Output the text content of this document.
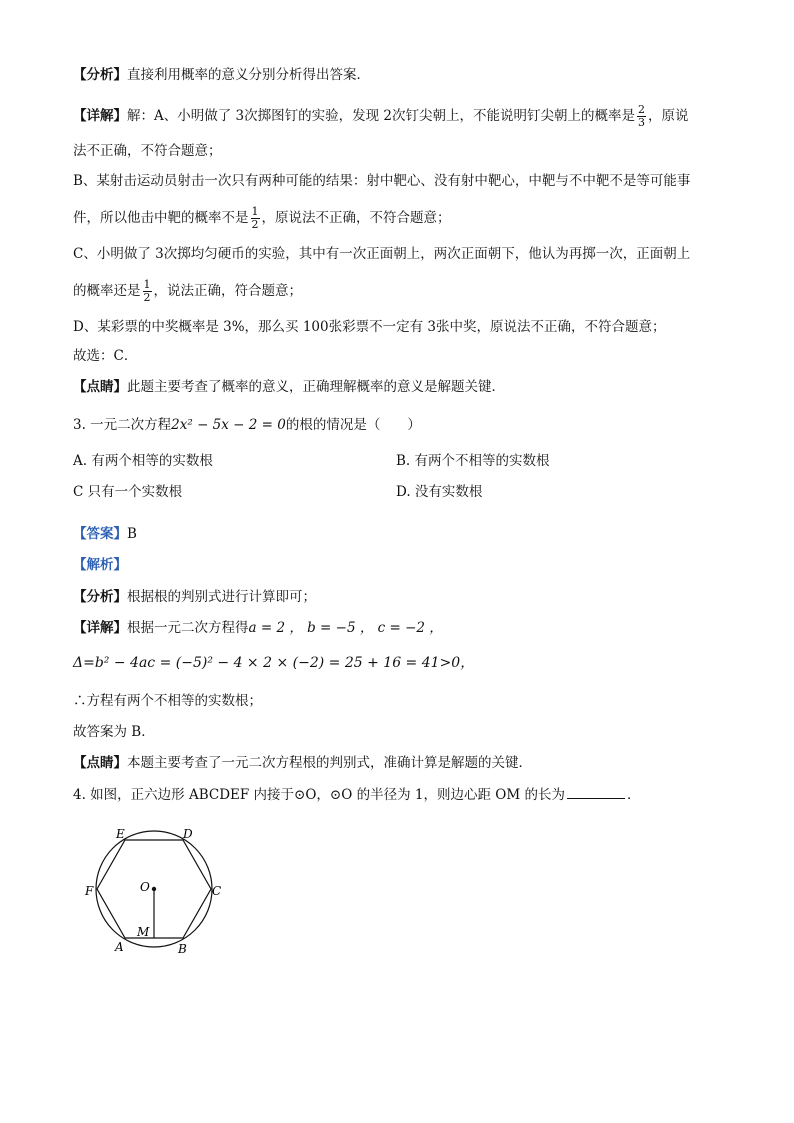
【分析】直接利用概率的意义分别分析得出答案．
【详解】解：A、小明做了 3次掷图钉的实验，发现 2次钉尖朝上，不能说明钉尖朝上的概率是 $\frac{2}{3}$ ，原说
法不正确，不符合题意；
B、某射击运动员射击一次只有两种可能的结果：射中靶心、没有射中靶心，中靶与不中靶不是等可能事
件，所以他击中靶的概率不是 $\frac{1}{2}$ ，原说法不正确，不符合题意；
C、小明做了 3次掷均匀硬币的实验，其中有一次正面朝上，两次正面朝下，他认为再掷一次，正面朝上
的概率还是 $\frac{1}{2}$ ，说法正确，符合题意；
D、某彩票的中奖概率是 3%，那么买 100张彩票不一定有 3张中奖，原说法不正确，不符合题意；
故选：C．
【点睛】此题主要考查了概率的意义，正确理解概率的意义是解题关键．
3. 一元二次方程2x² − 5x − 2 = 0的根的情况是（　　）
A. 有两个相等的实数根	B. 有两个不相等的实数根
C 只有一个实数根	D. 没有实数根
【答案】B
【解析】
【分析】根据根的判别式进行计算即可；
【详解】根据一元二次方程得a = 2 ， b = −5 ， c = −2 ，
Δ=b² − 4ac = (−5)² − 4 × 2 × (−2) = 25 + 16 = 41>0，
∴方程有两个不相等的实数根；
故答案为 B．
【点睛】本题主要考查了一元二次方程根的判别式，准确计算是解题的关键．
4. 如图，正六边形 ABCDEF 内接于⊙O，⊙O 的半径为 1，则边心距 OM 的长为	．
E	D
F	C
O
M
A	B
